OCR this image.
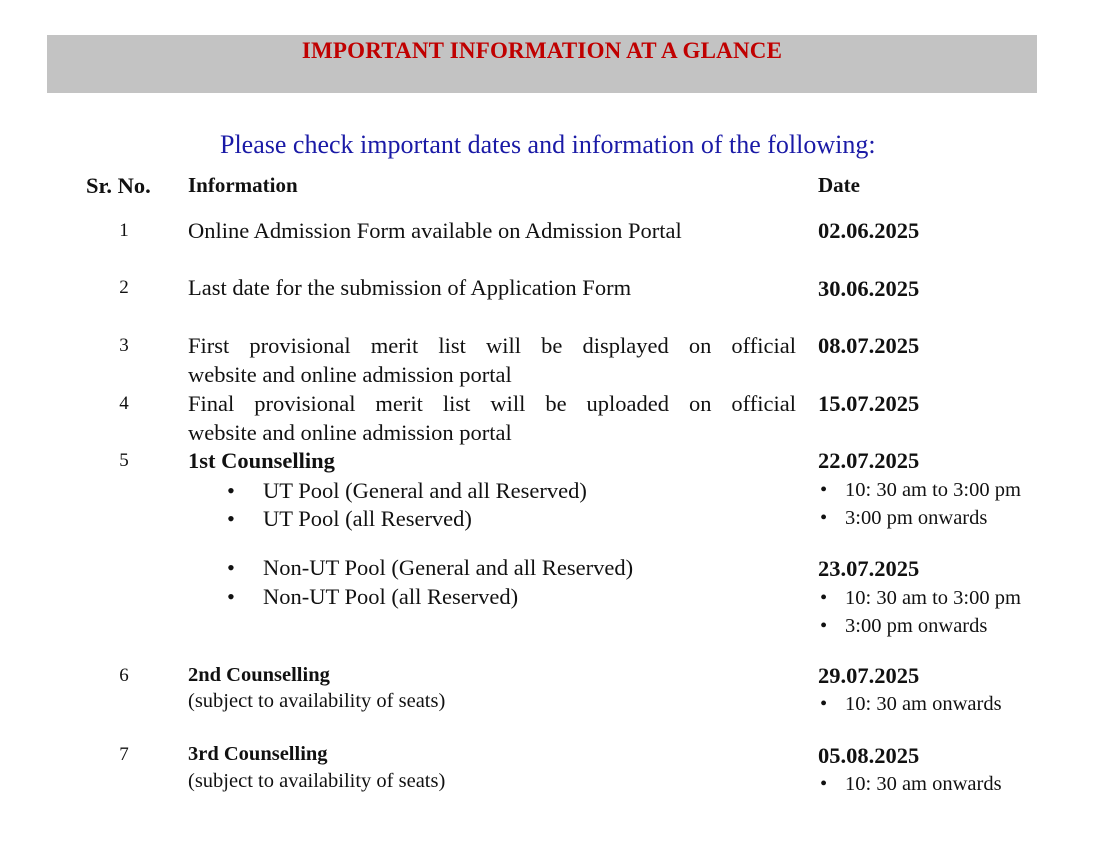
IMPORTANT INFORMATION AT A GLANCE
Please check important dates and information of the following:
Sr. No. Information	Date
1	Online Admission Form available on Admission Portal	02.06.2025
2	Last date for the submission of Application Form	30.06.2025
3	First provisional merit list will be displayed on official
website and online admission portal
08.07.2025
4	Final provisional merit list will be uploaded on official
website and online admission portal
15.07.2025
5	1st Counselling	22.07.2025
• UT Pool (General and all Reserved)
• UT Pool (all Reserved)
• 10: 30 am to 3:00 pm
• 3:00 pm onwards
23.07.2025
• Non-UT Pool (General and all Reserved)
• Non-UT Pool (all Reserved)
•	10: 30 am to 3:00 pm
• 3:00 pm onwards
6	2nd Counselling
(subject to availability of seats)
29.07.2025
• 10: 30 am onwards
7	3rd Counselling
(subject to availability of seats)
05.08.2025
• 10: 30 am onwards
